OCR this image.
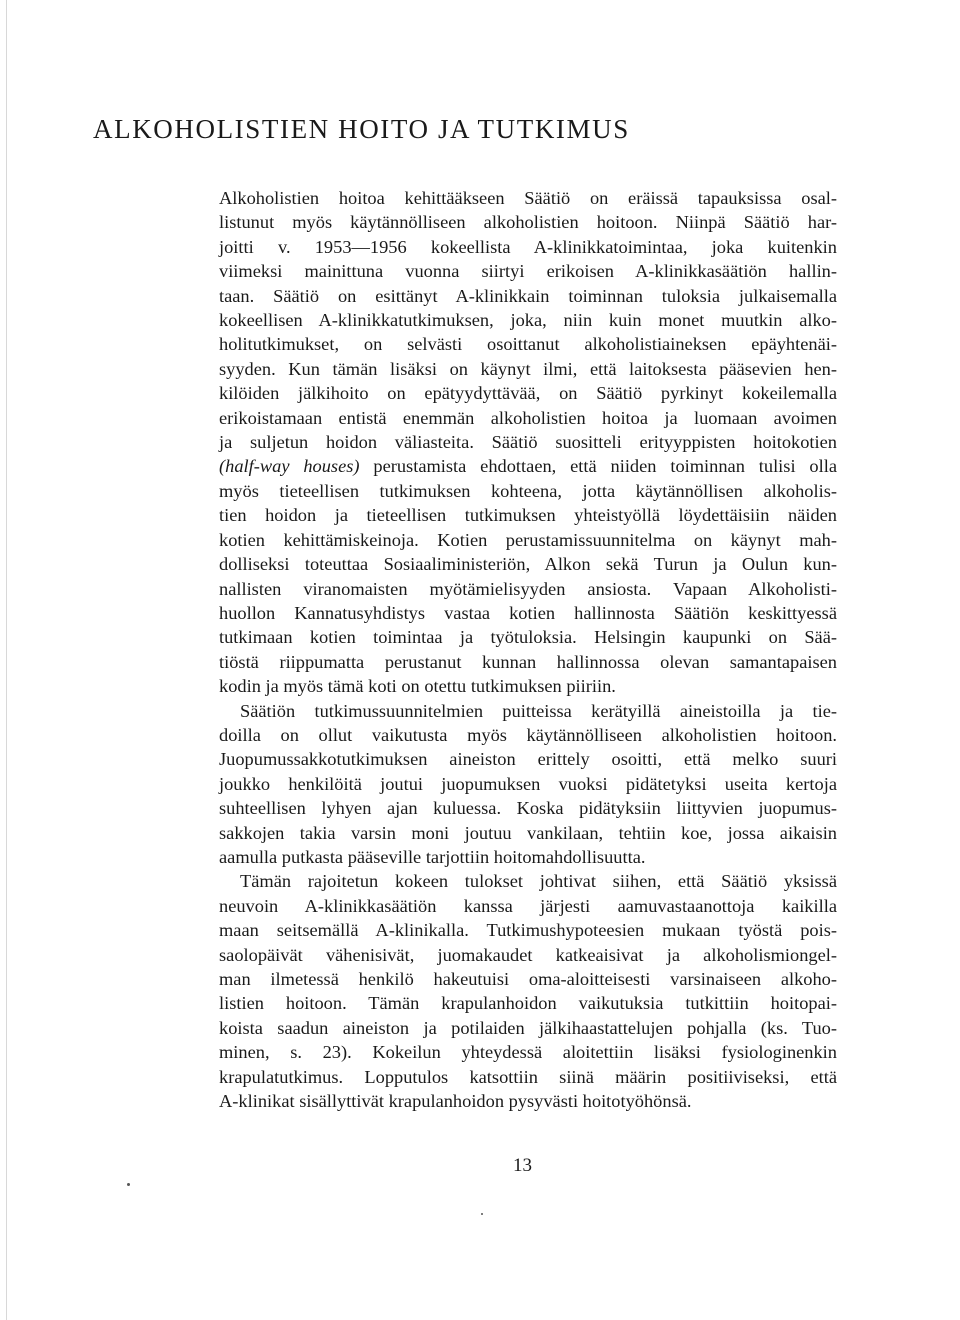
ALKOHOLISTIEN HOITO JA TUTKIMUS

Alkoholistien hoitoa kehittääkseen Säätiö on eräissä tapauksissa osal-
listunut myös käytännölliseen alkoholistien hoitoon. Niinpä Säätiö har-
joitti v. 1953—1956 kokeellista A-klinikkatoimintaa, joka kuitenkin
viimeksi mainittuna vuonna siirtyi erikoisen A-klinikkasäätiön hallin-
taan. Säätiö on esittänyt A-klinikkain toiminnan tuloksia julkaisemalla
kokeellisen A-klinikkatutkimuksen, joka, niin kuin monet muutkin alko-
holitutkimukset, on selvästi osoittanut alkoholistiaineksen epäyhtenäi-
syyden. Kun tämän lisäksi on käynyt ilmi, että laitoksesta pääsevien hen-
kilöiden jälkihoito on epätyydyttävää, on Säätiö pyrkinyt kokeilemalla
erikoistamaan entistä enemmän alkoholistien hoitoa ja luomaan avoimen
ja suljetun hoidon väliasteita. Säätiö suositteli erityyppisten hoitokotien
(half-way houses) perustamista ehdottaen, että niiden toiminnan tulisi olla
myös tieteellisen tutkimuksen kohteena, jotta käytännöllisen alkoholis-
tien hoidon ja tieteellisen tutkimuksen yhteistyöllä löydettäisiin näiden
kotien kehittämiskeinoja. Kotien perustamissuunnitelma on käynyt mah-
dolliseksi toteuttaa Sosiaaliministeriön, Alkon sekä Turun ja Oulun kun-
nallisten viranomaisten myötämielisyyden ansiosta. Vapaan Alkoholisti-
huollon Kannatusyhdistys vastaa kotien hallinnosta Säätiön keskittyessä
tutkimaan kotien toimintaa ja työtuloksia. Helsingin kaupunki on Sää-
tiöstä riippumatta perustanut kunnan hallinnossa olevan samantapaisen
kodin ja myös tämä koti on otettu tutkimuksen piiriin.

Säätiön tutkimussuunnitelmien puitteissa kerätyillä aineistoilla ja tie-
doilla on ollut vaikutusta myös käytännölliseen alkoholistien hoitoon.
Juopumussakkotutkimuksen aineiston erittely osoitti, että melko suuri
joukko henkilöitä joutui juopumuksen vuoksi pidätetyksi useita kertoja
suhteellisen lyhyen ajan kuluessa. Koska pidätyksiin liittyvien juopumus-
sakkojen takia varsin moni joutuu vankilaan, tehtiin koe, jossa aikaisin
aamulla putkasta pääseville tarjottiin hoitomahdollisuutta.

Tämän rajoitetun kokeen tulokset johtivat siihen, että Säätiö yksissä
neuvoin A-klinikkasäätiön kanssa järjesti aamuvastaanottoja kaikilla
maan seitsemällä A-klinikalla. Tutkimushypoteesien mukaan työstä pois-
saolopäivät vähenisivät, juomakaudet katkeaisivat ja alkoholismiongel-
man ilmetessä henkilö hakeutuisi oma-aloitteisesti varsinaiseen alkoho-
listien hoitoon. Tämän krapulanhoidon vaikutuksia tutkittiin hoitopai-
koista saadun aineiston ja potilaiden jälkihaastattelujen pohjalla (ks. Tuo-
minen, s. 23). Kokeilun yhteydessä aloitettiin lisäksi fysiologinenkin
krapulatutkimus. Lopputulos katsottiin siinä määrin positiiviseksi, että
A-klinikat sisällyttivät krapulanhoidon pysyvästi hoitotyöhönsä.

13
